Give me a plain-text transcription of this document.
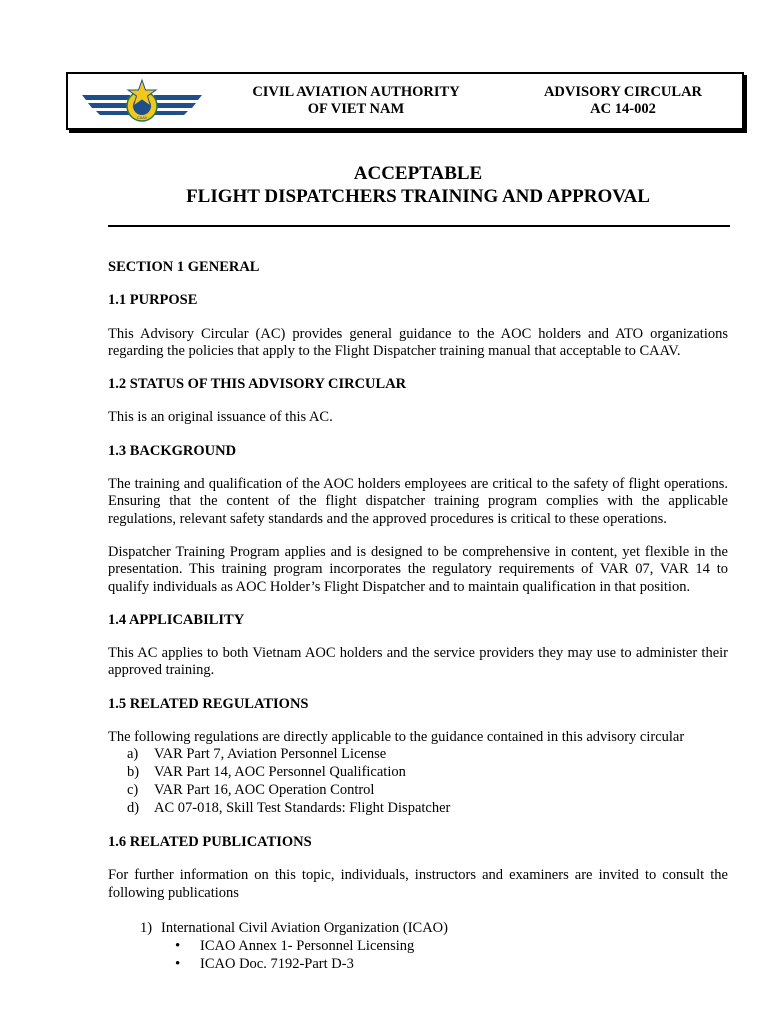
CAAV
CIVIL AVIATION AUTHORITY
OF VIET NAM
ADVISORY CIRCULAR
AC 14-002
ACCEPTABLE
FLIGHT DISPATCHERS TRAINING AND APPROVAL
SECTION 1 GENERAL
1.1 PURPOSE

This Advisory Circular (AC) provides general guidance to the AOC holders and ATO organizations regarding the policies that apply to the Flight Dispatcher training manual that acceptable to CAAV.

1.2 STATUS OF THIS ADVISORY CIRCULAR

This is an original issuance of this AC.

1.3 BACKGROUND

The training and qualification of the AOC holders employees are critical to the safety of flight operations. Ensuring that the content of the flight dispatcher training program complies with the applicable regulations, relevant safety standards and the approved procedures is critical to these operations.

Dispatcher Training Program applies and is designed to be comprehensive in content, yet flexible in the presentation. This training program incorporates the regulatory requirements of VAR 07, VAR 14 to qualify individuals as AOC Holder’s Flight Dispatcher and to maintain qualification in that position.

1.4 APPLICABILITY

This AC applies to both Vietnam AOC holders and the service providers they may use to administer their approved training.

1.5 RELATED REGULATIONS

The following regulations are directly applicable to the guidance contained in this advisory circular

a) VAR Part 7, Aviation Personnel License
b) VAR Part 14, AOC Personnel Qualification
c) VAR Part 16, AOC Operation Control
d) AC 07-018, Skill Test Standards: Flight Dispatcher
1.6 RELATED PUBLICATIONS

For further information on this topic, individuals, instructors and examiners are invited to consult the following publications

1) International Civil Aviation Organization (ICAO)
• ICAO Annex 1- Personnel Licensing
• ICAO Doc. 7192-Part D-3
